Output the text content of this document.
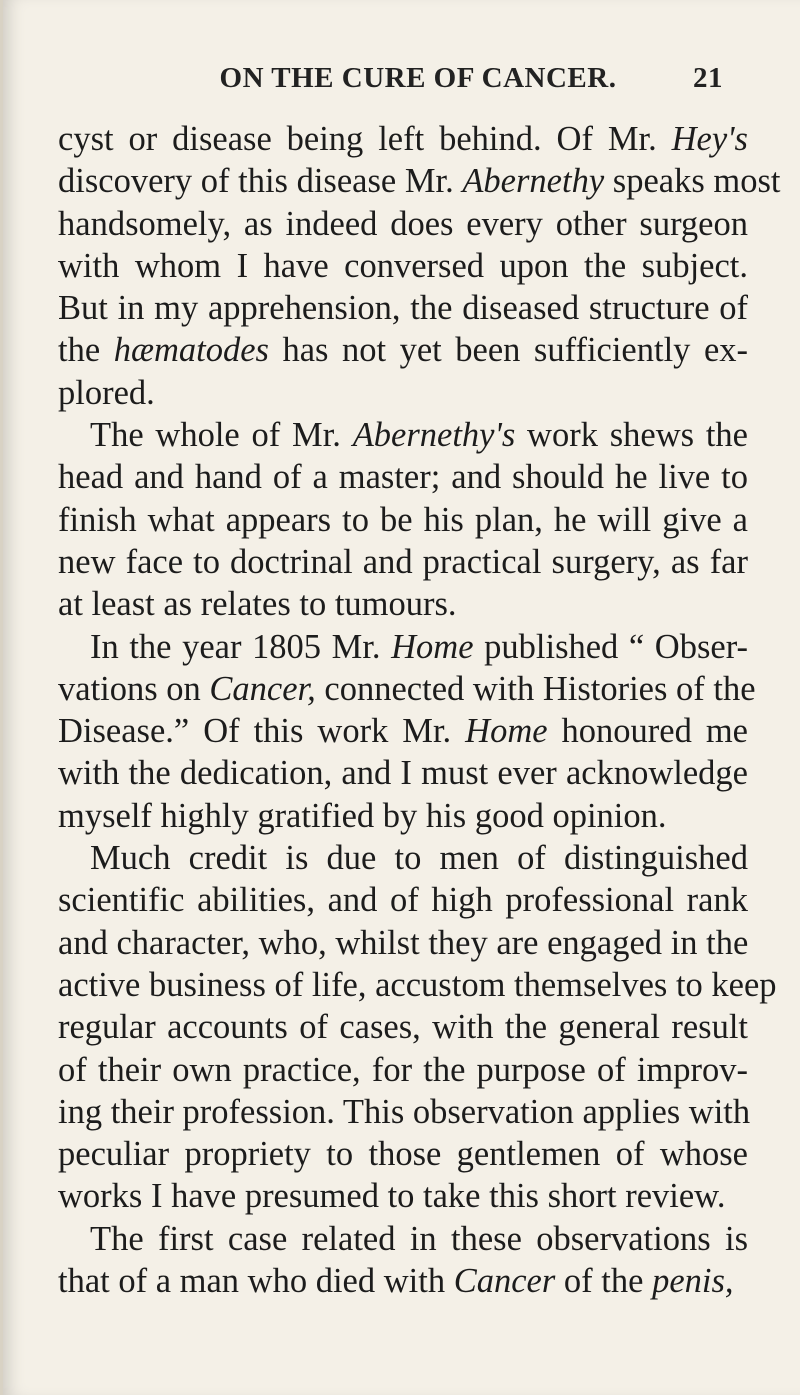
ON THE CURE OF CANCER.	21
cyst or disease being left behind. Of Mr. Hey's
discovery of this disease Mr. Abernethy speaks most
handsomely, as indeed does every other surgeon
with whom I have conversed upon the subject.
But in my apprehension, the diseased structure of
the hæmatodes has not yet been sufficiently ex-
plored.
The whole of Mr. Abernethy's work shews the
head and hand of a master; and should he live to
finish what appears to be his plan, he will give a
new face to doctrinal and practical surgery, as far
at least as relates to tumours.
In the year 1805 Mr. Home published “ Obser-
vations on Cancer, connected with Histories of the
Disease.” Of this work Mr. Home honoured me
with the dedication, and I must ever acknowledge
myself highly gratified by his good opinion.
Much credit is due to men of distinguished
scientific abilities, and of high professional rank
and character, who, whilst they are engaged in the
active business of life, accustom themselves to keep
regular accounts of cases, with the general result
of their own practice, for the purpose of improv-
ing their profession. This observation applies with
peculiar propriety to those gentlemen of whose
works I have presumed to take this short review.
The first case related in these observations is
that of a man who died with Cancer of the penis,
